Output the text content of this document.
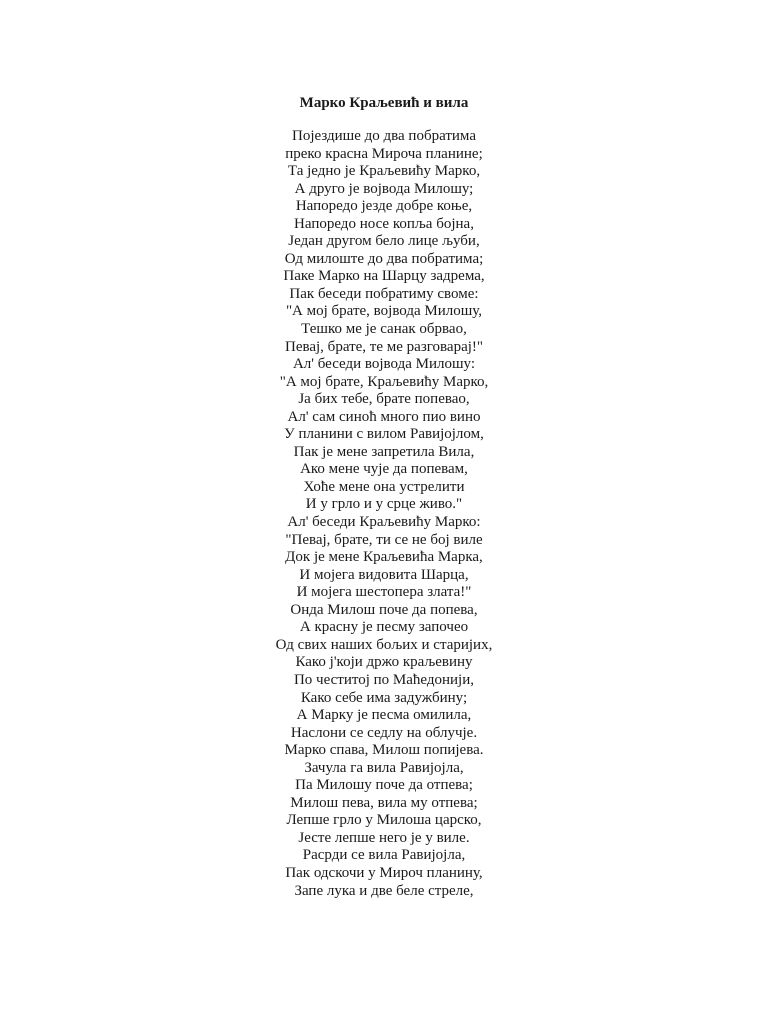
Марко Краљевић и вила
Појездише до два побратима
преко красна Мироча планине;
Та једно је Краљевићу Марко,
А друго је војвода Милошу;
Напоредо језде добре коње,
Напоредо носе копља бојна,
Један другом бело лице љуби,
Од милоште до два побратима;
Паке Марко на Шарцу задрема,
Пак беседи побратиму своме:
"А мој брате, војвода Милошу,
Тешко ме је санак обрвао,
Певај, брате, те ме разговарај!"
Ал' беседи војвода Милошу:
"А мој брате, Краљевићу Марко,
Ја бих тебе, брате попевао,
Ал' сам синоћ много пио вино
У планини с вилом Равијојлом,
Пак је мене запретила Вила,
Ако мене чује да попевам,
Хоће мене она устрелити
И у грло и у срце живо."
Ал' беседи Краљевићу Марко:
"Певај, брате, ти се не бој виле
Док је мене Краљевића Марка,
И мојега видовита Шарца,
И мојега шестопера злата!"
Онда Милош поче да попева,
А красну је песму започео
Од свих наших бољих и старијих,
Како ј'који држо краљевину
По честитој по Маћедонији,
Како себе има задужбину;
А Марку је песма омилила,
Наслони се седлу на облучје.
Марко спава, Милош попијева.
Зачула га вила Равијојла,
Па Милошу поче да отпева;
Милош пева, вила му отпева;
Лепше грло у Милоша царско,
Јесте лепше него је у виле.
Расрди се вила Равијојла,
Пак одскочи у Мироч планину,
Запе лука и две беле стреле,
